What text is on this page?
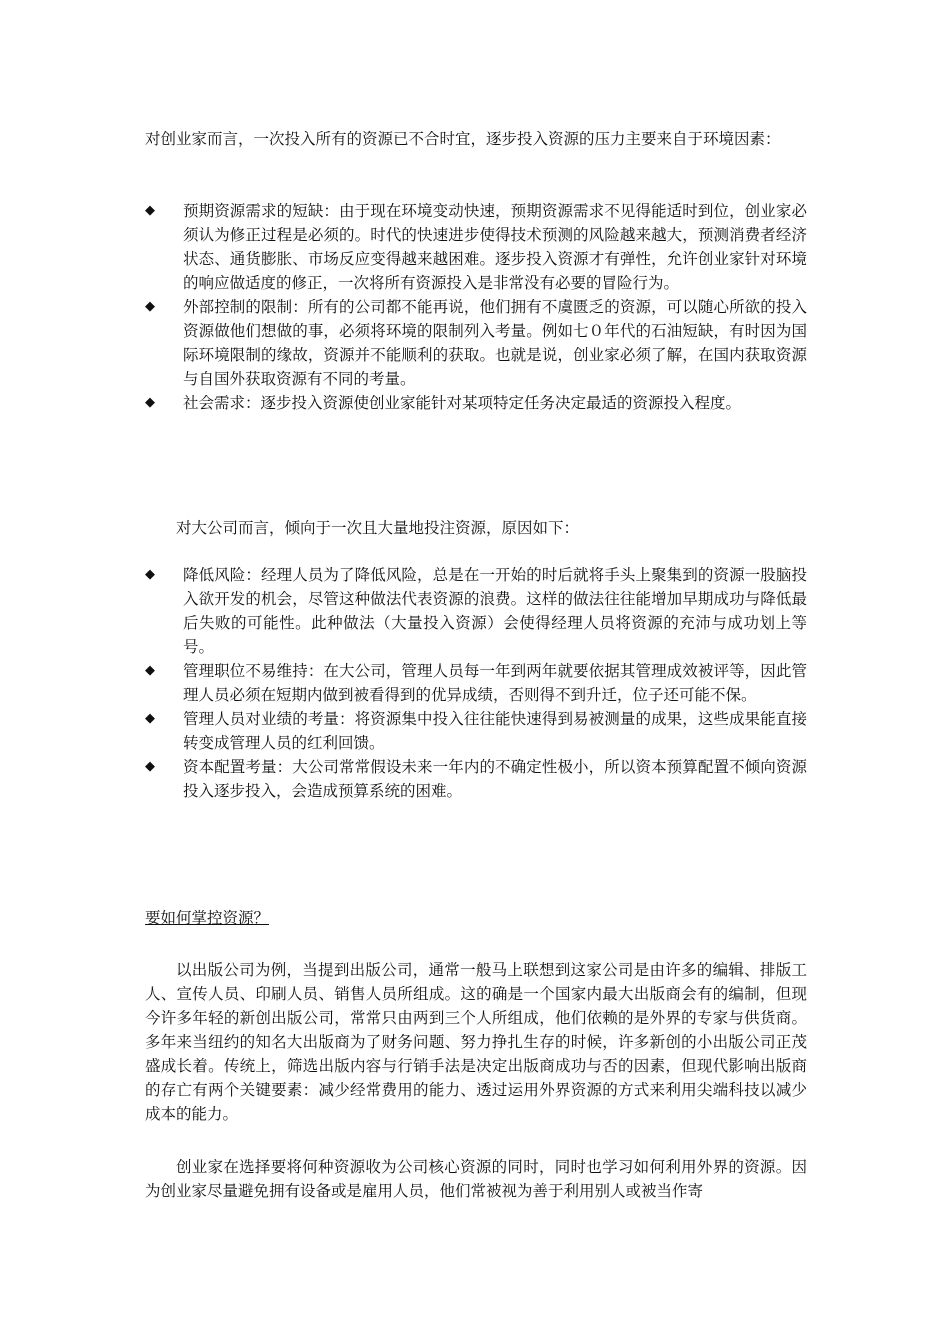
对创业家而言，一次投入所有的资源已不合时宜，逐步投入资源的压力主要来自于环境因素：

◆ 预期资源需求的短缺：由于现在环境变动快速，预期资源需求不见得能适时到位，创业家必须认为修正过程是必须的。时代的快速进步使得技术预测的风险越来越大，预测消费者经济状态、通货膨胀、市场反应变得越来越困难。逐步投入资源才有弹性，允许创业家针对环境的响应做适度的修正，一次将所有资源投入是非常没有必要的冒险行为。
◆ 外部控制的限制：所有的公司都不能再说，他们拥有不虞匮乏的资源，可以随心所欲的投入资源做他们想做的事，必须将环境的限制列入考量。例如七０年代的石油短缺，有时因为国际环境限制的缘故，资源并不能顺利的获取。也就是说，创业家必须了解，在国内获取资源与自国外获取资源有不同的考量。
◆ 社会需求：逐步投入资源使创业家能针对某项特定任务决定最适的资源投入程度。

对大公司而言，倾向于一次且大量地投注资源，原因如下：

◆ 降低风险：经理人员为了降低风险，总是在一开始的时后就将手头上聚集到的资源一股脑投入欲开发的机会，尽管这种做法代表资源的浪费。这样的做法往往能增加早期成功与降低最后失败的可能性。此种做法（大量投入资源）会使得经理人员将资源的充沛与成功划上等号。
◆ 管理职位不易维持：在大公司，管理人员每一年到两年就要依据其管理成效被评等，因此管理人员必须在短期内做到被看得到的优异成绩，否则得不到升迁，位子还可能不保。
◆ 管理人员对业绩的考量：将资源集中投入往往能快速得到易被测量的成果，这些成果能直接转变成管理人员的红利回馈。
◆ 资本配置考量：大公司常常假设未来一年内的不确定性极小，所以资本预算配置不倾向资源投入逐步投入，会造成预算系统的困难。

要如何掌控资源？

以出版公司为例，当提到出版公司，通常一般马上联想到这家公司是由许多的编辑、排版工人、宣传人员、印刷人员、销售人员所组成。这的确是一个国家内最大出版商会有的编制，但现今许多年轻的新创出版公司，常常只由两到三个人所组成，他们依赖的是外界的专家与供货商。多年来当纽约的知名大出版商为了财务问题、努力挣扎生存的时候，许多新创的小出版公司正茂盛成长着。传统上，筛选出版内容与行销手法是决定出版商成功与否的因素，但现代影响出版商的存亡有两个关键要素：减少经常费用的能力、透过运用外界资源的方式来利用尖端科技以减少成本的能力。

创业家在选择要将何种资源收为公司核心资源的同时，同时也学习如何利用外界的资源。因为创业家尽量避免拥有设备或是雇用人员，他们常被视为善于利用别人或被当作寄
